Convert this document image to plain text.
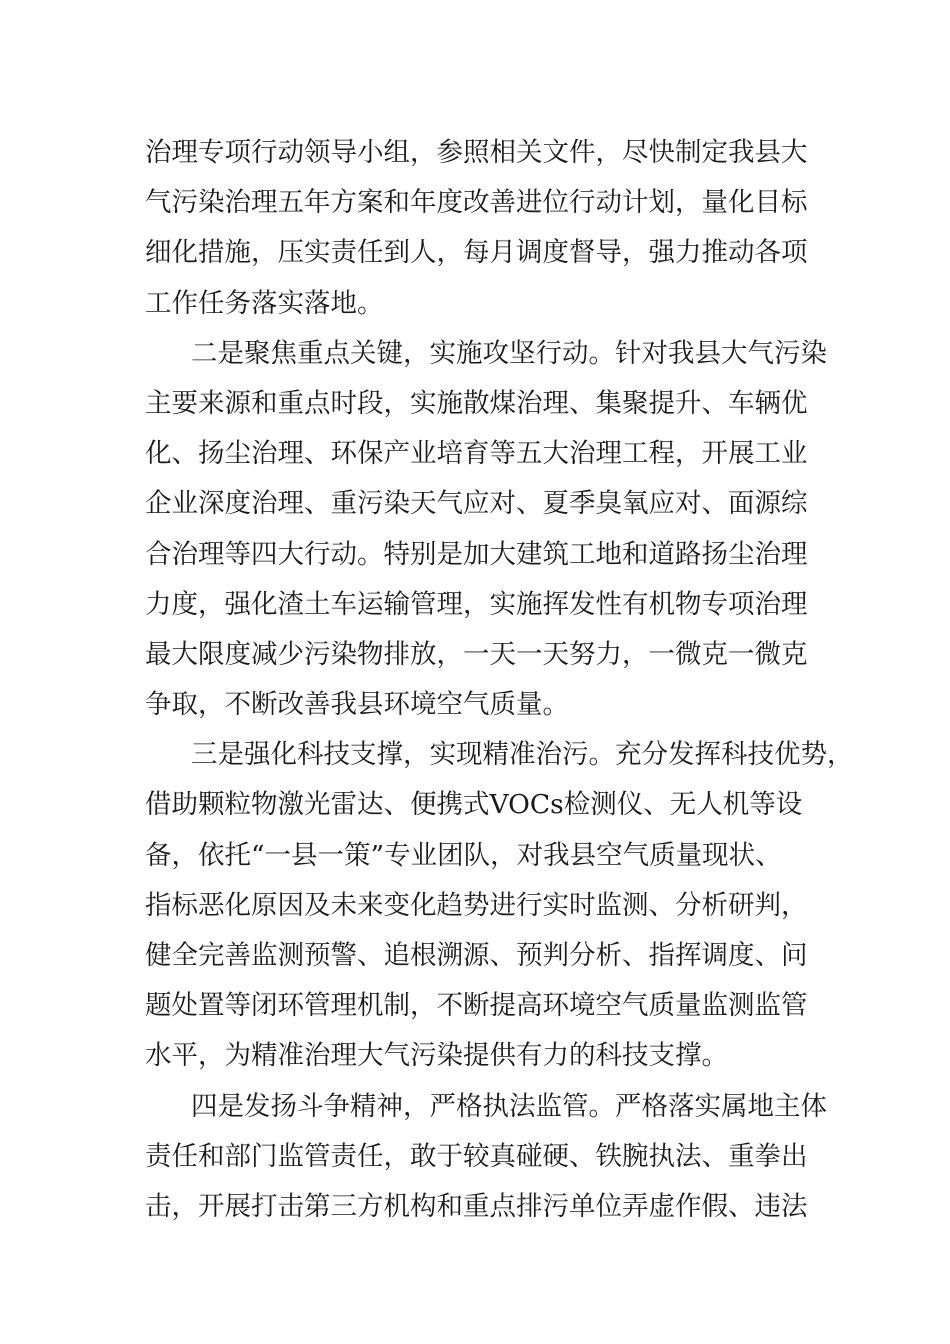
治理专项行动领导小组，参照相关文件，尽快制定我县大
气污染治理五年方案和年度改善进位行动计划，量化目标
细化措施，压实责任到人，每月调度督导，强力推动各项
工作任务落实落地。
二是聚焦重点关键，实施攻坚行动。针对我县大气污染
主要来源和重点时段，实施散煤治理、集聚提升、车辆优
化、扬尘治理、环保产业培育等五大治理工程，开展工业
企业深度治理、重污染天气应对、夏季臭氧应对、面源综
合治理等四大行动。特别是加大建筑工地和道路扬尘治理
力度，强化渣土车运输管理，实施挥发性有机物专项治理
最大限度减少污染物排放，一天一天努力，一微克一微克
争取，不断改善我县环境空气质量。
三是强化科技支撑，实现精准治污。充分发挥科技优势，
借助颗粒物激光雷达、便携式VOCs检测仪、无人机等设
备，依托“一县一策”专业团队，对我县空气质量现状、
指标恶化原因及未来变化趋势进行实时监测、分析研判，
健全完善监测预警、追根溯源、预判分析、指挥调度、问
题处置等闭环管理机制，不断提高环境空气质量监测监管
水平，为精准治理大气污染提供有力的科技支撑。
四是发扬斗争精神，严格执法监管。严格落实属地主体
责任和部门监管责任，敢于较真碰硬、铁腕执法、重拳出
击，开展打击第三方机构和重点排污单位弄虚作假、违法
